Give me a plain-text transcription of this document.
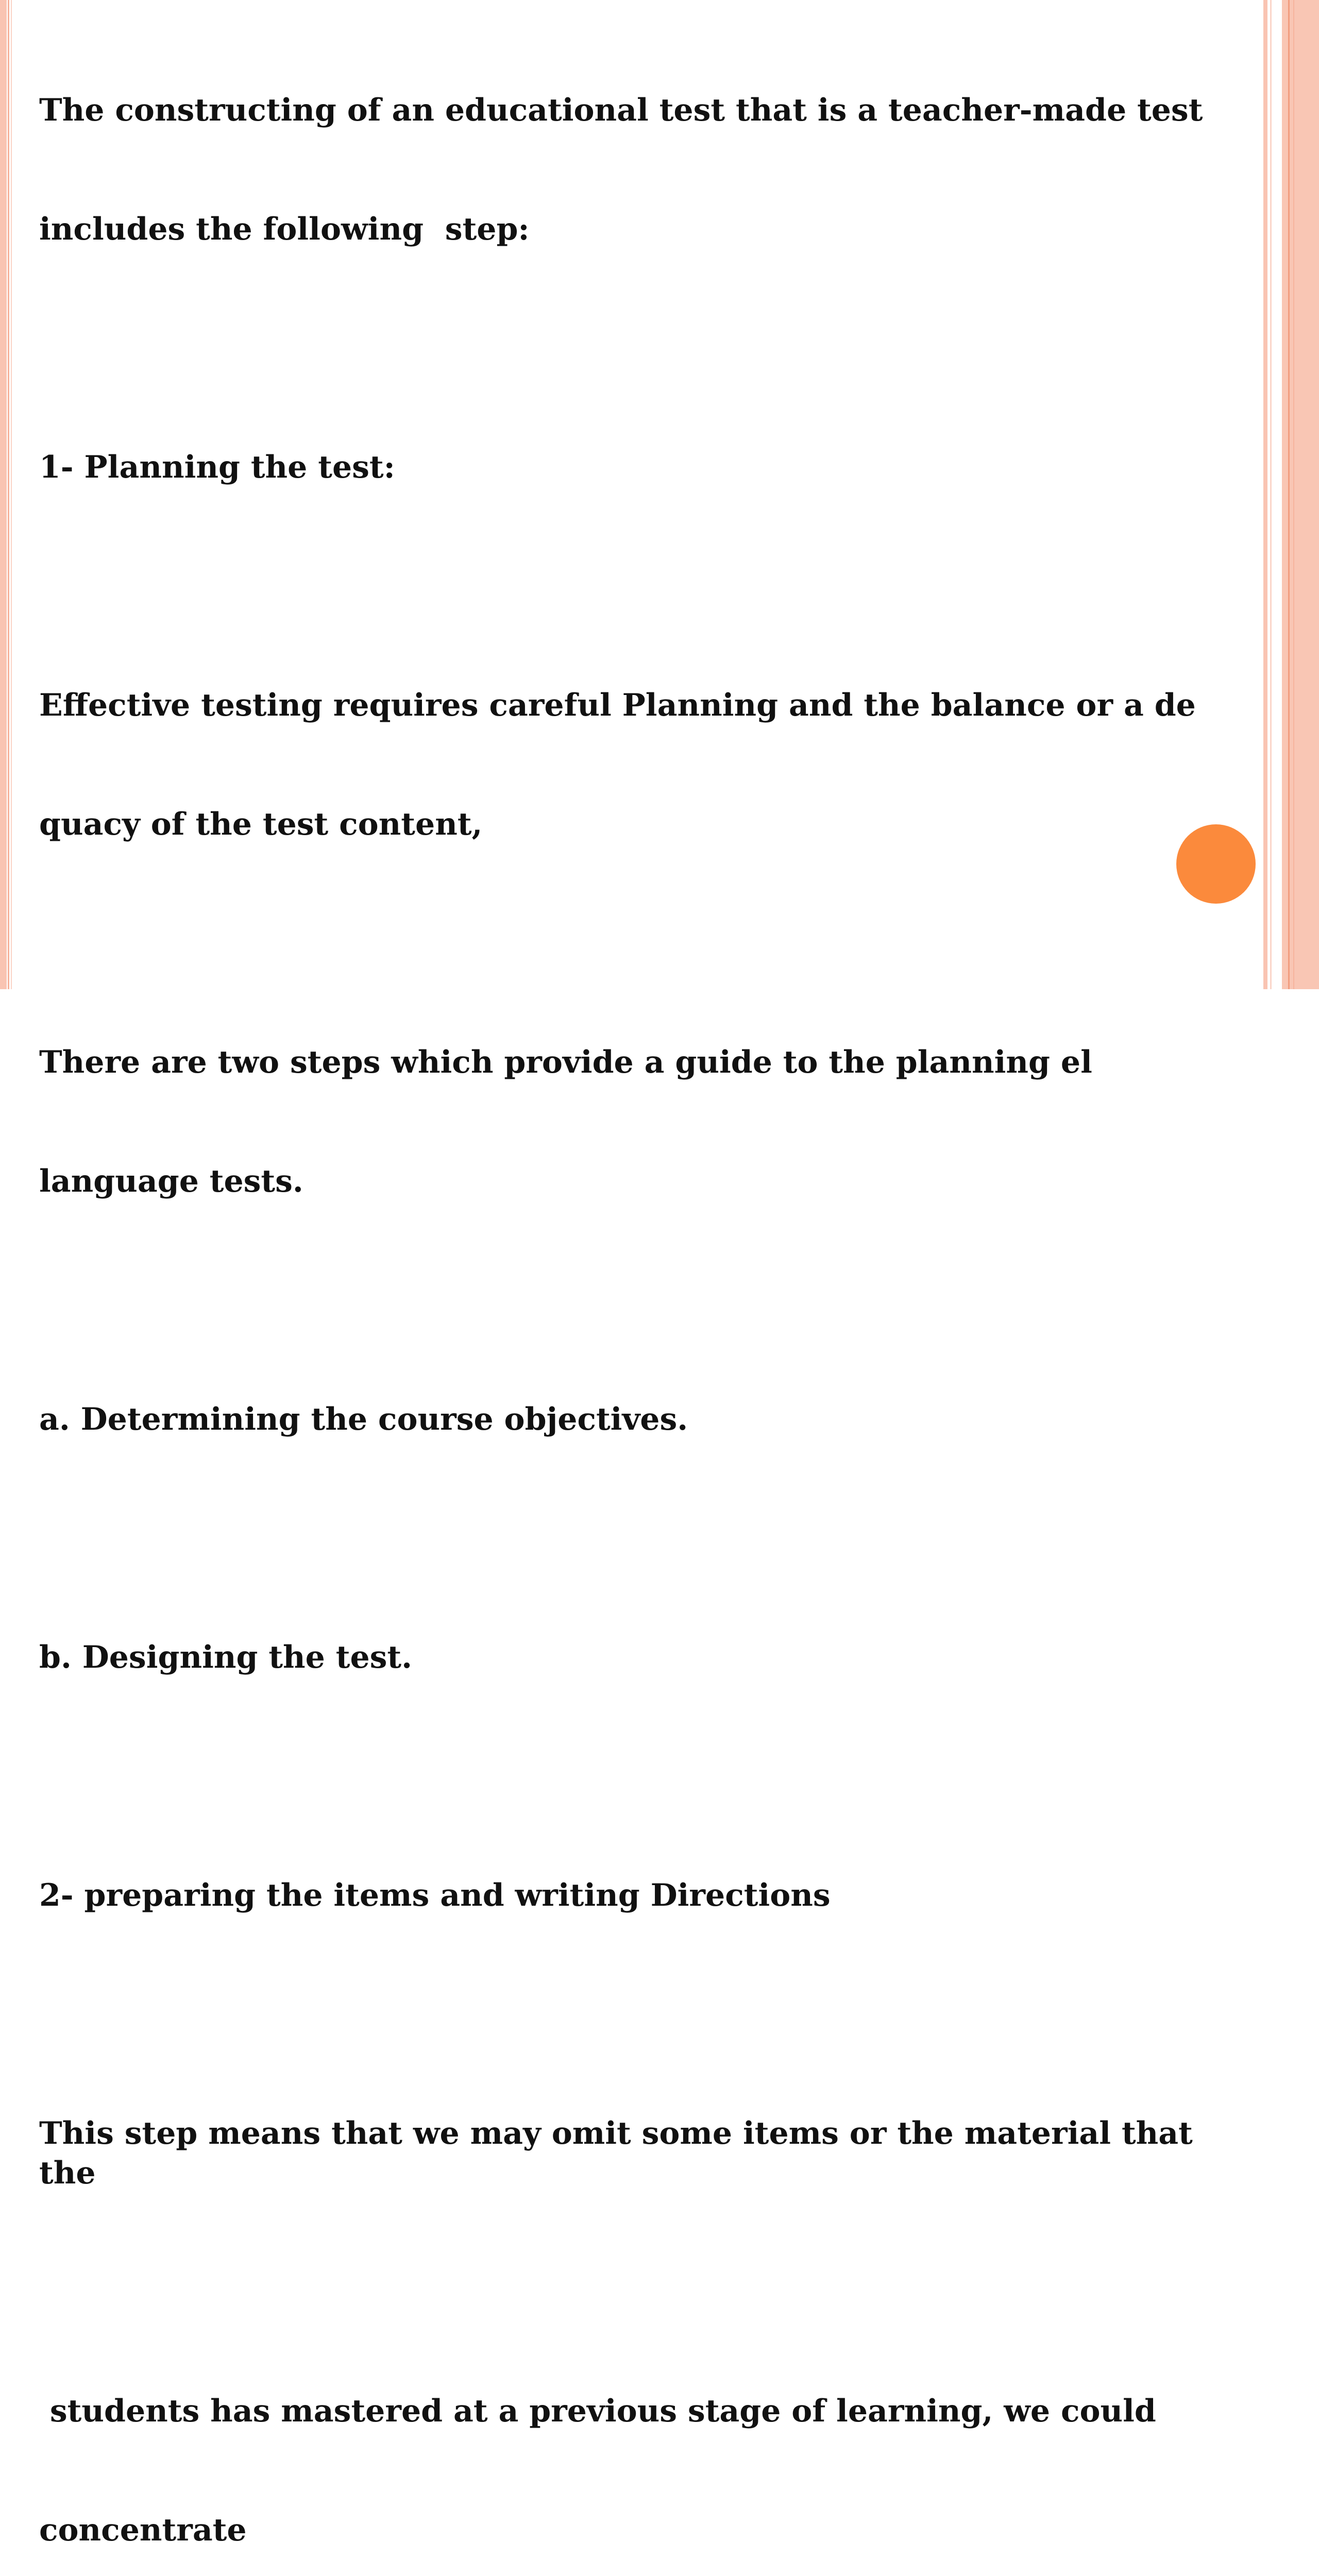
The constructing of an educational test that is a teacher-made test

includes the following  step:

1- Planning the test:

Effective testing requires careful Planning and the balance or a de

quacy of the test content,

There are two steps which provide a guide to the planning el

language tests.

a. Determining the course objectives.

b. Designing the test.

2- preparing the items and writing Directions

This step means that we may omit some items or the material that the

students has mastered at a previous stage of learning, we could

concentrate
